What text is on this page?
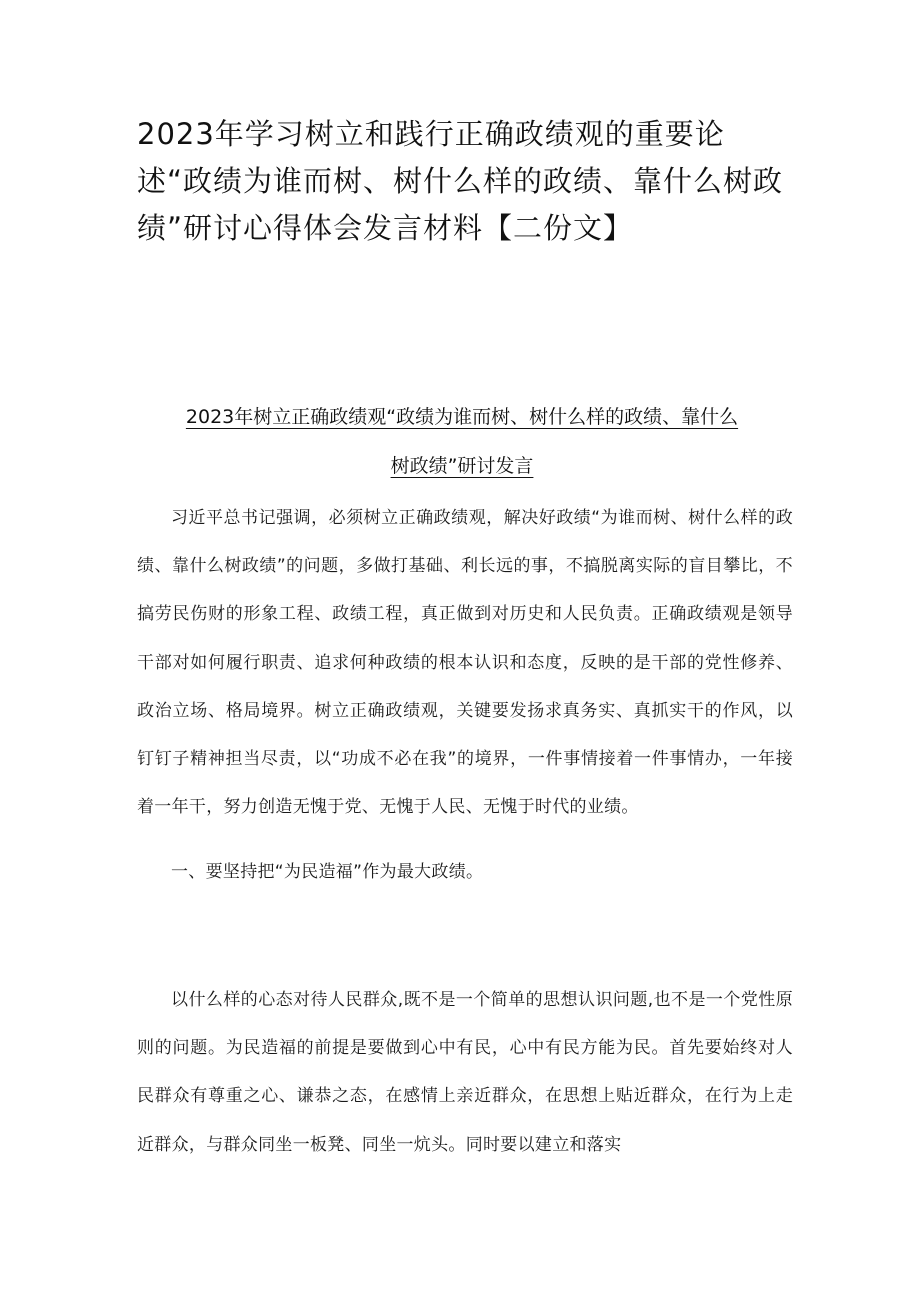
2023年学习树立和践行正确政绩观的重要论述“政绩为谁而树、树什么样的政绩、靠什么树政绩”研讨心得体会发言材料【二份文】

2023年树立正确政绩观“政绩为谁而树、树什么样的政绩、靠什么

树政绩”研讨发言

习近平总书记强调，必须树立正确政绩观，解决好政绩“为谁而树、树什么样的政绩、靠什么树政绩”的问题，多做打基础、利长远的事，不搞脱离实际的盲目攀比，不搞劳民伤财的形象工程、政绩工程，真正做到对历史和人民负责。正确政绩观是领导干部对如何履行职责、追求何种政绩的根本认识和态度，反映的是干部的党性修养、政治立场、格局境界。树立正确政绩观，关键要发扬求真务实、真抓实干的作风，以钉钉子精神担当尽责，以“功成不必在我”的境界，一件事情接着一件事情办，一年接着一年干，努力创造无愧于党、无愧于人民、无愧于时代的业绩。

一、要坚持把“为民造福”作为最大政绩。

以什么样的心态对待人民群众,既不是一个简单的思想认识问题,也不是一个党性原则的问题。为民造福的前提是要做到心中有民，心中有民方能为民。首先要始终对人民群众有尊重之心、谦恭之态，在感情上亲近群众，在思想上贴近群众，在行为上走近群众，与群众同坐一板凳、同坐一炕头。同时要以建立和落实
